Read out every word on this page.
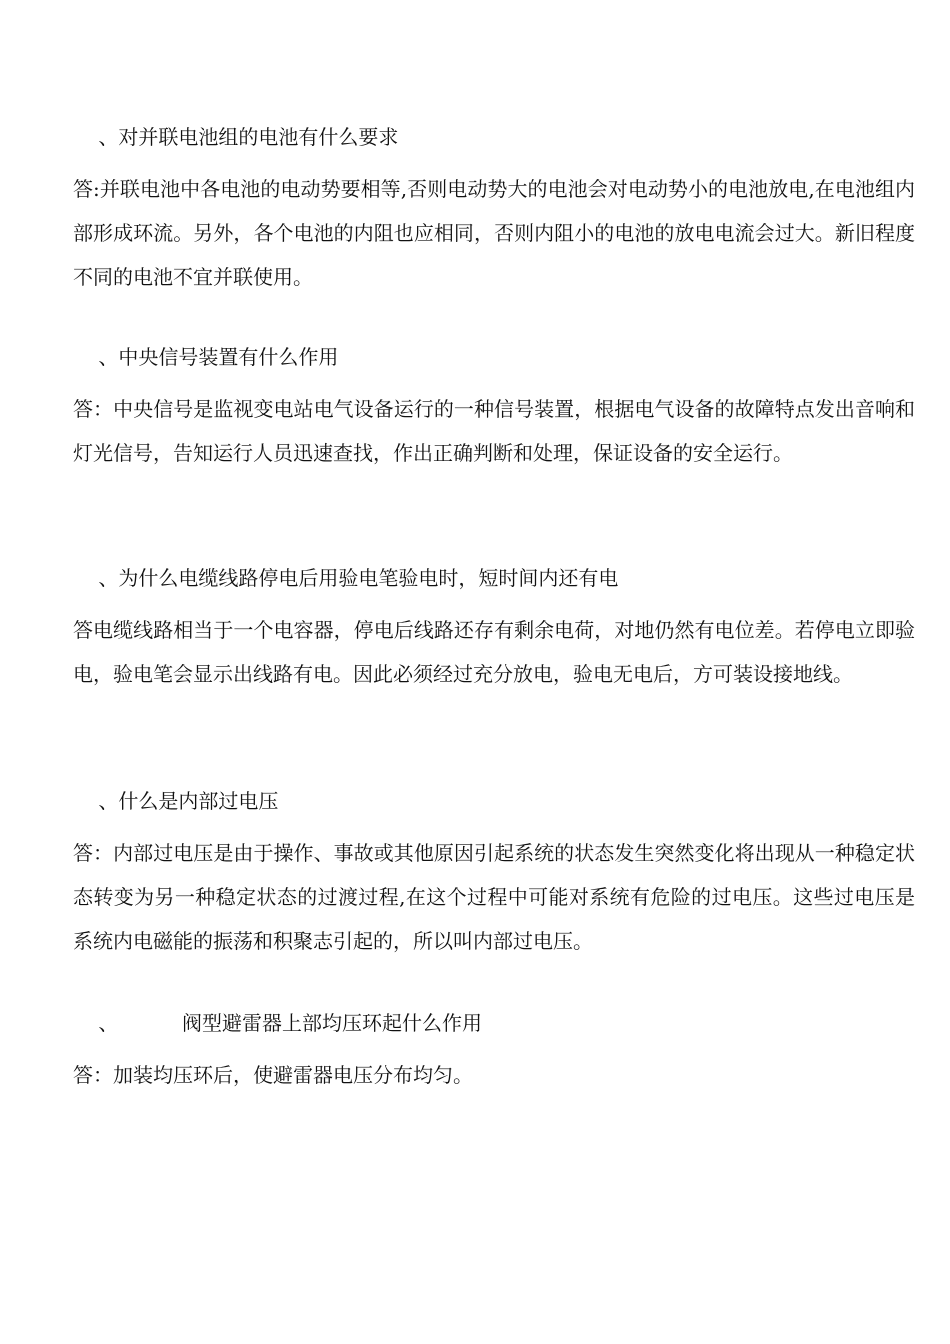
、对并联电池组的电池有什么要求
答:并联电池中各电池的电动势要相等,否则电动势大的电池会对电动势小的电池放电,在电池组内部形成环流。另外，各个电池的内阻也应相同，否则内阻小的电池的放电电流会过大。新旧程度不同的电池不宜并联使用。
、中央信号装置有什么作用
答：中央信号是监视变电站电气设备运行的一种信号装置，根据电气设备的故障特点发出音响和灯光信号，告知运行人员迅速查找，作出正确判断和处理，保证设备的安全运行。
、为什么电缆线路停电后用验电笔验电时，短时间内还有电
答电缆线路相当于一个电容器，停电后线路还存有剩余电荷，对地仍然有电位差。若停电立即验电，验电笔会显示出线路有电。因此必须经过充分放电，验电无电后，方可装设接地线。
、什么是内部过电压
答：内部过电压是由于操作、事故或其他原因引起系统的状态发生突然变化将出现从一种稳定状态转变为另一种稳定状态的过渡过程,在这个过程中可能对系统有危险的过电压。这些过电压是系统内电磁能的振荡和积聚志引起的，所以叫内部过电压。
、          阀型避雷器上部均压环起什么作用
答：加装均压环后，使避雷器电压分布均匀。
